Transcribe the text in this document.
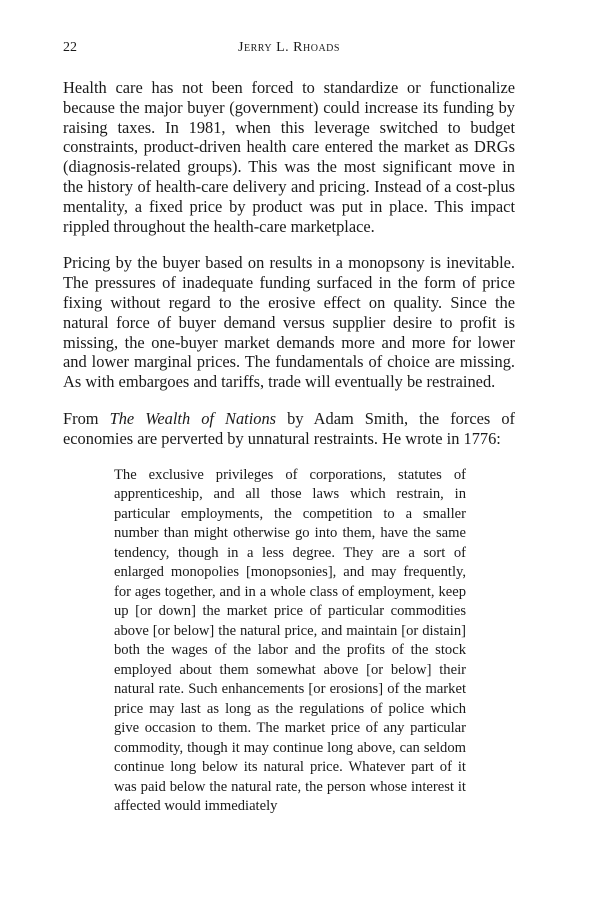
22	Jerry L. Rhoads

Health care has not been forced to standardize or functionalize because the major buyer (government) could increase its funding by raising taxes. In 1981, when this leverage switched to budget constraints, product-driven health care entered the market as DRGs (diagnosis-related groups). This was the most significant move in the history of health-care delivery and pricing. Instead of a cost-plus mentality, a fixed price by product was put in place. This impact rippled throughout the health-care marketplace.

Pricing by the buyer based on results in a monopsony is inevitable. The pressures of inadequate funding surfaced in the form of price fixing without regard to the erosive effect on quality. Since the natural force of buyer demand versus supplier desire to profit is missing, the one-buyer market demands more and more for lower and lower marginal prices. The fundamentals of choice are missing. As with embargoes and tariffs, trade will eventually be restrained.

From The Wealth of Nations by Adam Smith, the forces of economies are perverted by unnatural restraints. He wrote in 1776:

The exclusive privileges of corporations, statutes of apprenticeship, and all those laws which restrain, in particular employments, the competition to a smaller number than might otherwise go into them, have the same tendency, though in a less degree. They are a sort of enlarged monopolies [monopsonies], and may frequently, for ages together, and in a whole class of employment, keep up [or down] the market price of particular commodities above [or below] the natural price, and maintain [or distain] both the wages of the labor and the profits of the stock employed about them somewhat above [or below] their natural rate. Such enhancements [or erosions] of the market price may last as long as the regulations of police which give occasion to them. The market price of any particular commodity, though it may continue long above, can seldom continue long below its natural price. Whatever part of it was paid below the natural rate, the person whose interest it affected would immediately
